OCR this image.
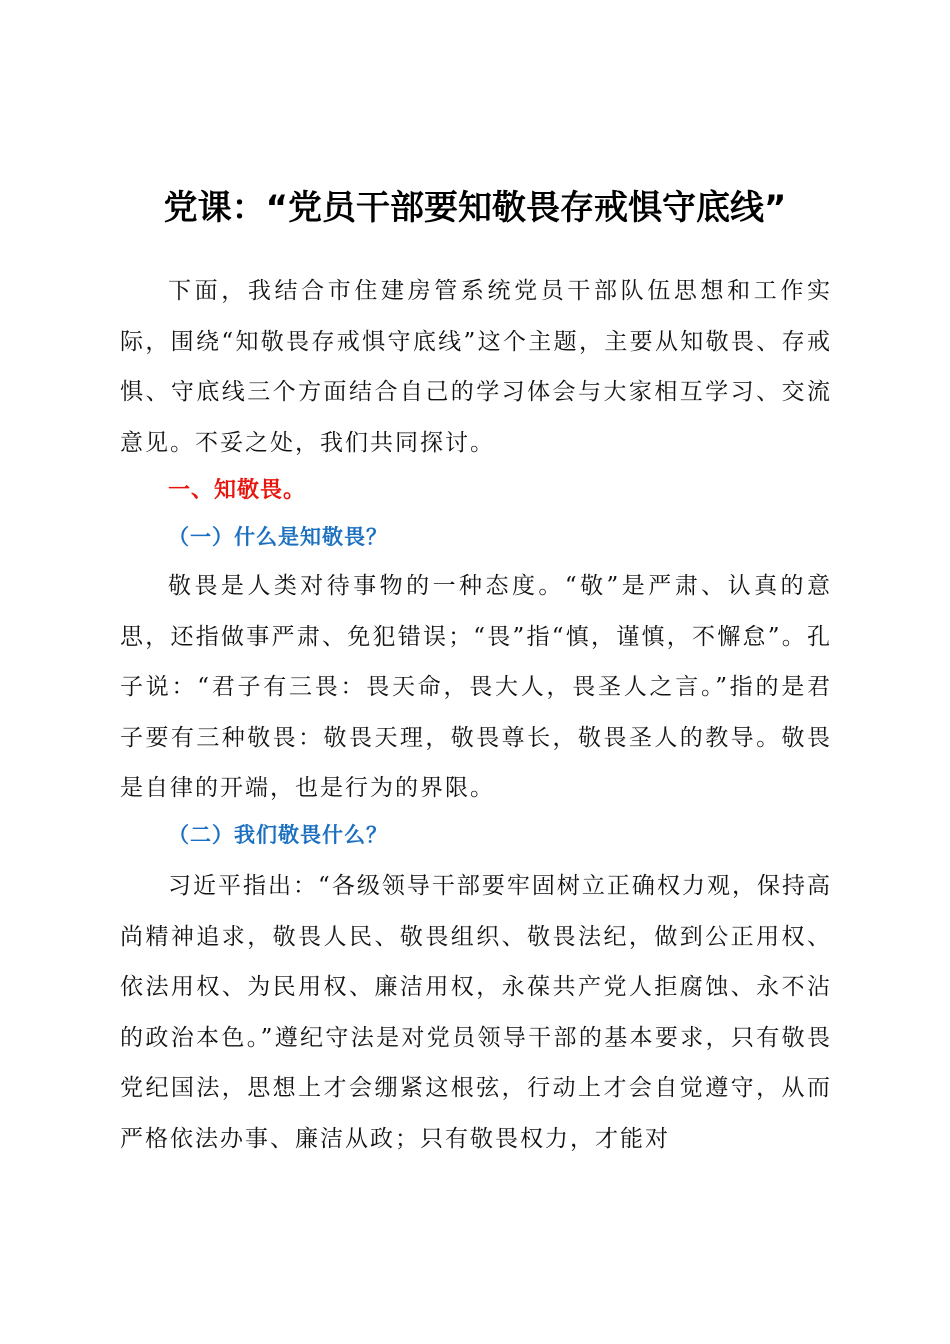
党课：“党员干部要知敬畏存戒惧守底线”

下面，我结合市住建房管系统党员干部队伍思想和工作实际，围绕“知敬畏存戒惧守底线”这个主题，主要从知敬畏、存戒惧、守底线三个方面结合自己的学习体会与大家相互学习、交流意见。不妥之处，我们共同探讨。

一、知敬畏。
（一）什么是知敬畏？

敬畏是人类对待事物的一种态度。“敬”是严肃、认真的意思，还指做事严肃、免犯错误；“畏”指“慎，谨慎，不懈怠”。孔子说：“君子有三畏：畏天命，畏大人，畏圣人之言。”指的是君子要有三种敬畏：敬畏天理，敬畏尊长，敬畏圣人的教导。敬畏是自律的开端，也是行为的界限。

（二）我们敬畏什么？

习近平指出：“各级领导干部要牢固树立正确权力观，保持高尚精神追求，敬畏人民、敬畏组织、敬畏法纪，做到公正用权、依法用权、为民用权、廉洁用权，永葆共产党人拒腐蚀、永不沾的政治本色。”遵纪守法是对党员领导干部的基本要求，只有敬畏党纪国法，思想上才会绷紧这根弦，行动上才会自觉遵守，从而严格依法办事、廉洁从政；只有敬畏权力，才能对
